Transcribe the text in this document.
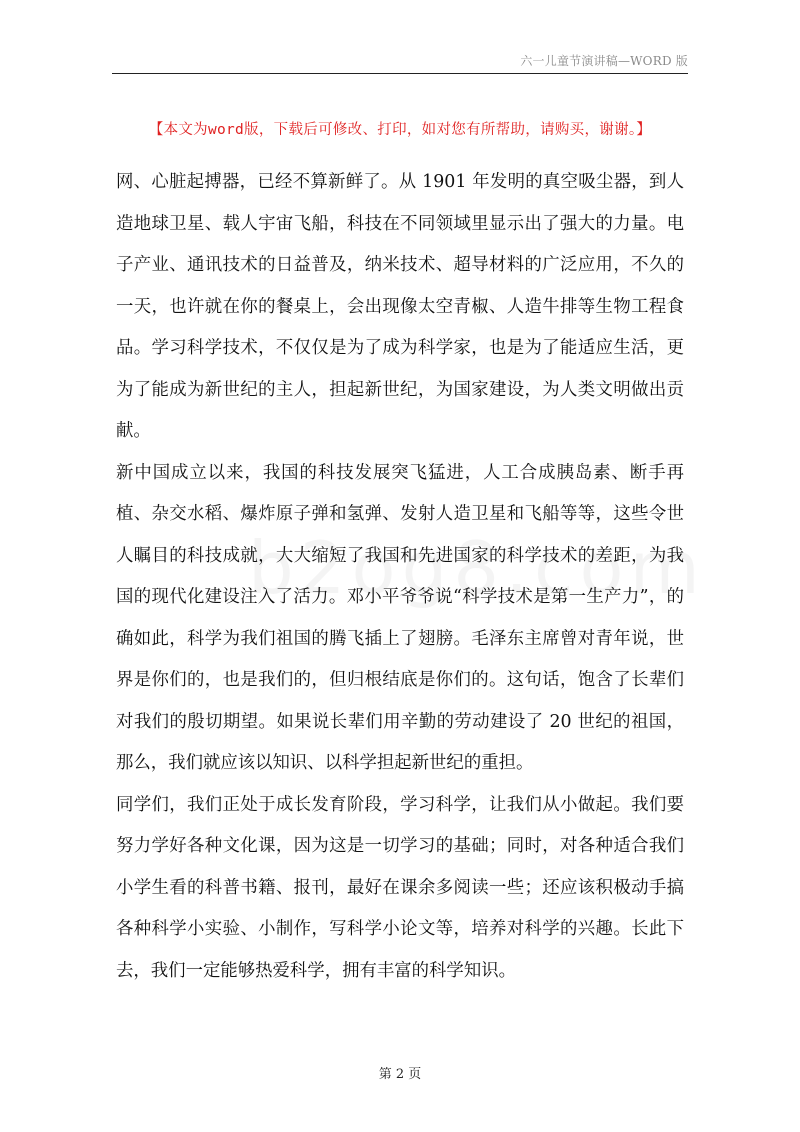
六一儿童节演讲稿—WORD 版
【本文为word版，下载后可修改、打印，如对您有所帮助，请购买，谢谢。】

网、心脏起搏器，已经不算新鲜了。从 1901 年发明的真空吸尘器，到人造地球卫星、载人宇宙飞船，科技在不同领域里显示出了强大的力量。电子产业、通讯技术的日益普及，纳米技术、超导材料的广泛应用，不久的一天，也许就在你的餐桌上，会出现像太空青椒、人造牛排等生物工程食品。学习科学技术，不仅仅是为了成为科学家，也是为了能适应生活，更为了能成为新世纪的主人，担起新世纪，为国家建设，为人类文明做出贡献。

新中国成立以来，我国的科技发展突飞猛进，人工合成胰岛素、断手再植、杂交水稻、爆炸原子弹和氢弹、发射人造卫星和飞船等等，这些令世人瞩目的科技成就，大大缩短了我国和先进国家的科学技术的差距，为我国的现代化建设注入了活力。邓小平爷爷说“科学技术是第一生产力”，的确如此，科学为我们祖国的腾飞插上了翅膀。毛泽东主席曾对青年说，世界是你们的，也是我们的，但归根结底是你们的。这句话，饱含了长辈们对我们的殷切期望。如果说长辈们用辛勤的劳动建设了 20 世纪的祖国，那么，我们就应该以知识、以科学担起新世纪的重担。

同学们，我们正处于成长发育阶段，学习科学，让我们从小做起。我们要努力学好各种文化课，因为这是一切学习的基础；同时，对各种适合我们小学生看的科普书籍、报刊，最好在课余多阅读一些；还应该积极动手搞各种科学小实验、小制作，写科学小论文等，培养对科学的兴趣。长此下去，我们一定能够热爱科学，拥有丰富的科学知识。

第 2 页
